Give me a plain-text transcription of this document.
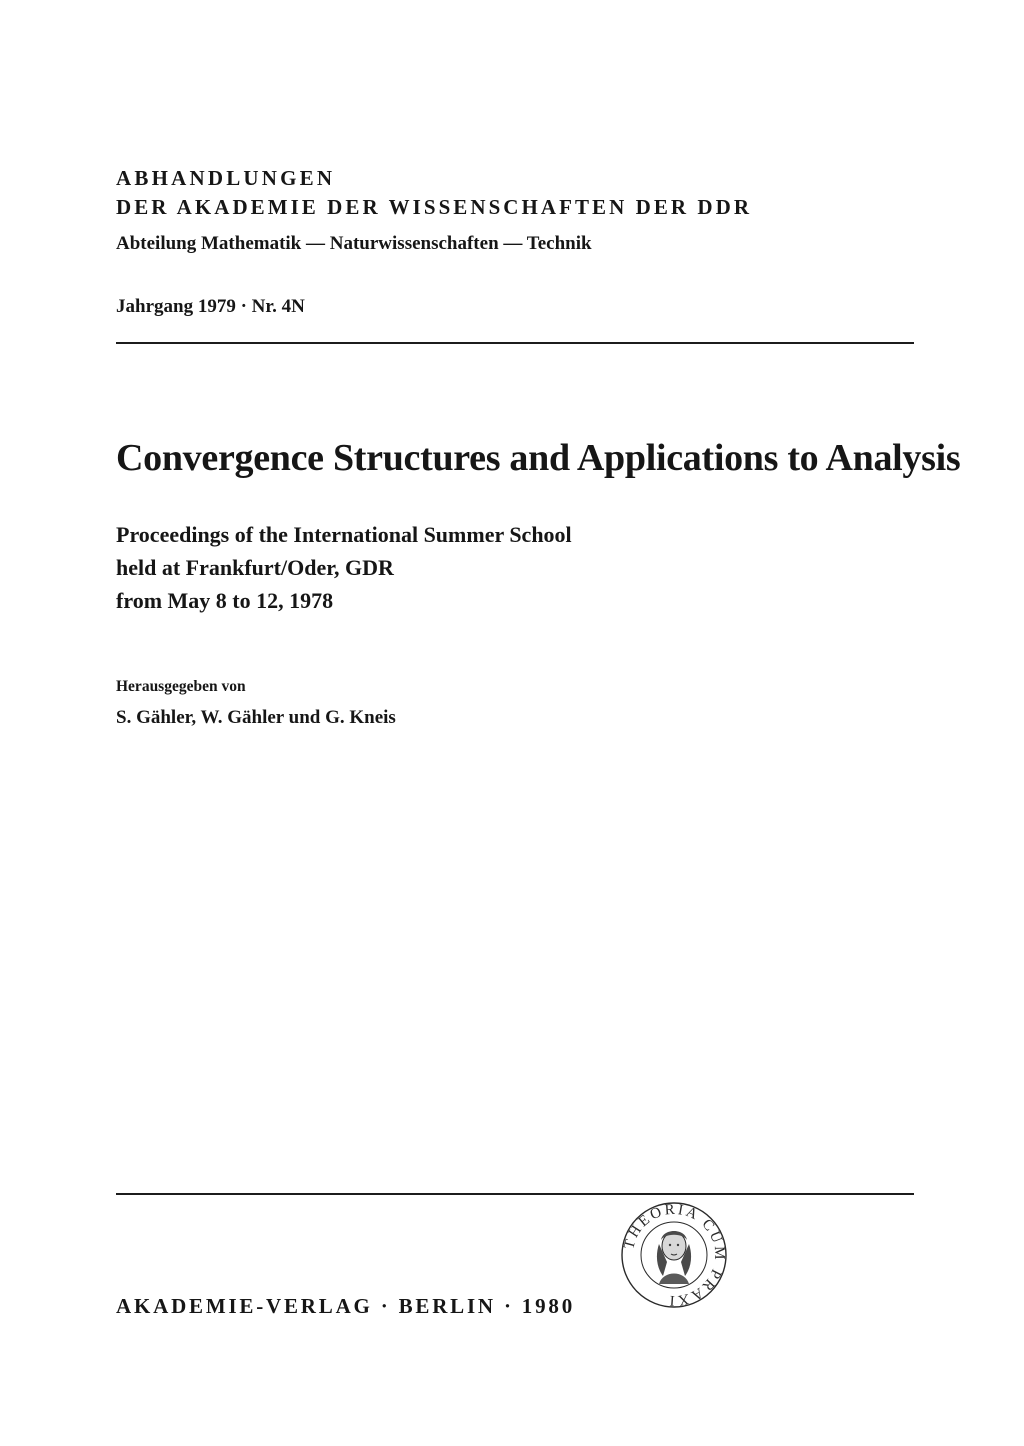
ABHANDLUNGEN
DER AKADEMIE DER WISSENSCHAFTEN DER DDR
Abteilung Mathematik — Naturwissenschaften — Technik
Jahrgang 1979 · Nr. 4N
Convergence Structures and Applications to Analysis
Proceedings of the International Summer School
held at Frankfurt/Oder, GDR
from May 8 to 12, 1978
Herausgegeben von
S. Gähler, W. Gähler und G. Kneis
AKADEMIE-VERLAG · BERLIN · 1980
THEORIA CUM PRAXI
